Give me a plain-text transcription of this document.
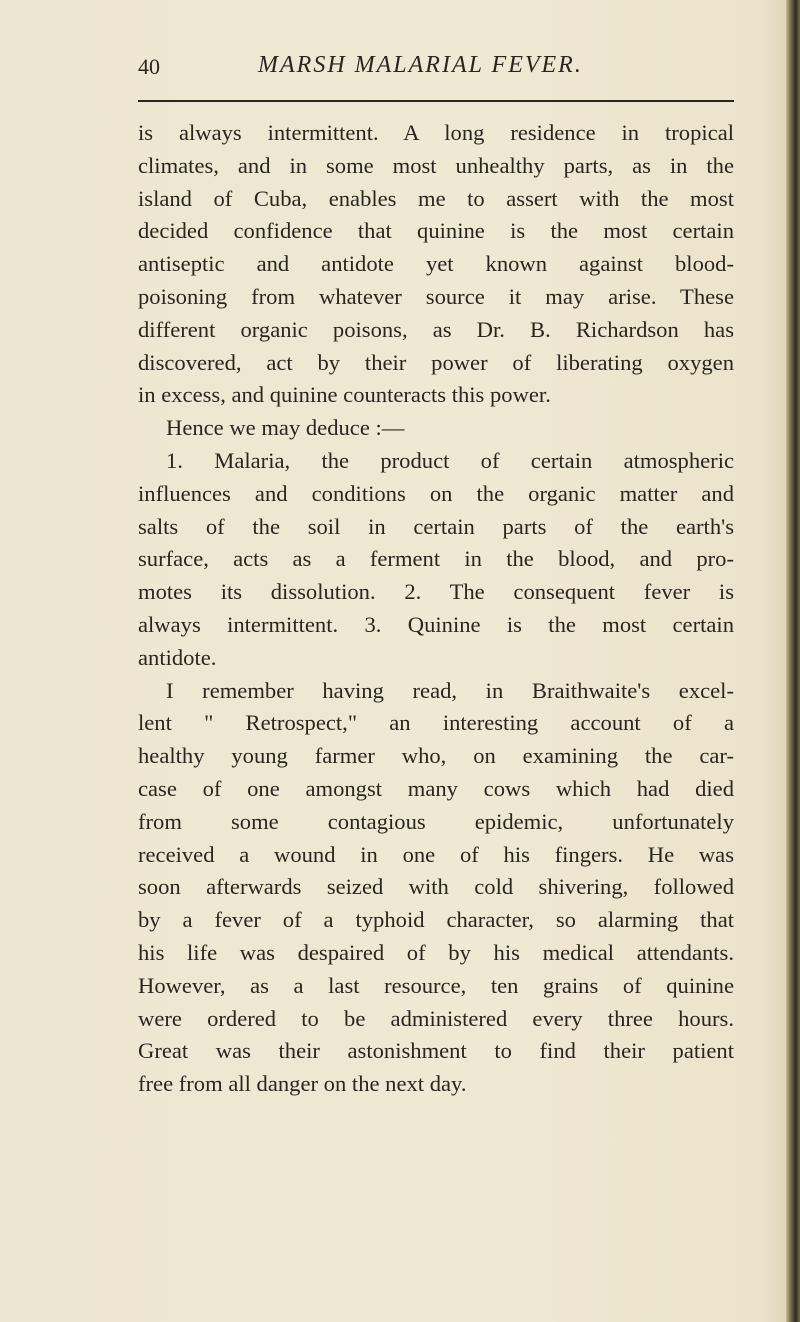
40	MARSH MALARIAL FEVER.
is always intermittent. A long residence in tropical
climates, and in some most unhealthy parts, as in the
island of Cuba, enables me to assert with the most
decided confidence that quinine is the most certain
antiseptic and antidote yet known against blood-
poisoning from whatever source it may arise. These
different organic poisons, as Dr. B. Richardson has
discovered, act by their power of liberating oxygen
in excess, and quinine counteracts this power.
Hence we may deduce :—
1. Malaria, the product of certain atmospheric
influences and conditions on the organic matter and
salts of the soil in certain parts of the earth's
surface, acts as a ferment in the blood, and pro-
motes its dissolution. 2. The consequent fever is
always intermittent. 3. Quinine is the most certain
antidote.
I remember having read, in Braithwaite's excel-
lent " Retrospect," an interesting account of a
healthy young farmer who, on examining the car-
case of one amongst many cows which had died
from some contagious epidemic, unfortunately
received a wound in one of his fingers. He was
soon afterwards seized with cold shivering, followed
by a fever of a typhoid character, so alarming that
his life was despaired of by his medical attendants.
However, as a last resource, ten grains of quinine
were ordered to be administered every three hours.
Great was their astonishment to find their patient
free from all danger on the next day.
